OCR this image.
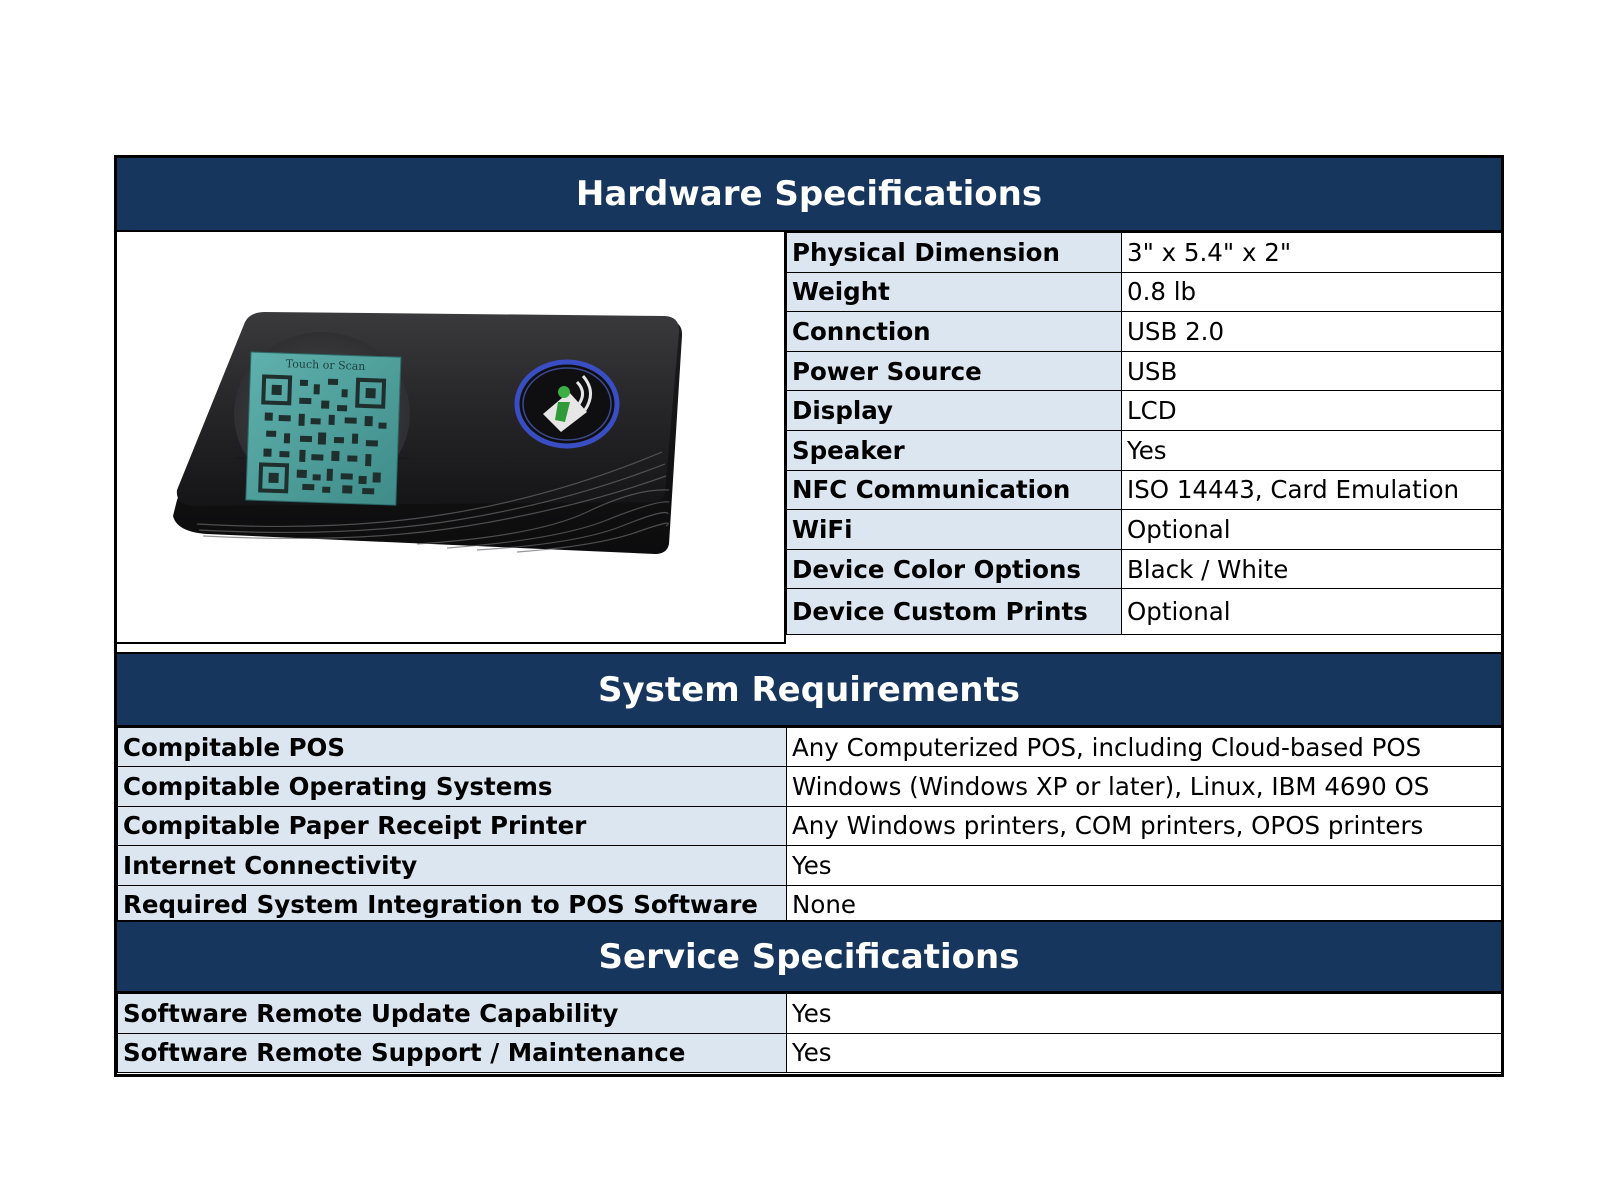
Hardware Specifications
Touch or Scan
Physical Dimension	3" x 5.4" x 2"
Weight	0.8 lb
Connction	USB 2.0
Power Source	USB
Display	LCD
Speaker	Yes
NFC Communication	ISO 14443, Card Emulation
WiFi	Optional
Device Color Options	Black / White
Device Custom Prints	Optional
System Requirements
Compitable POS	Any Computerized POS, including Cloud-based POS
Compitable Operating Systems	Windows (Windows XP or later), Linux, IBM 4690 OS
Compitable Paper Receipt Printer	Any Windows printers, COM printers, OPOS printers
Internet Connectivity	Yes
Required System Integration to POS Software	None
Service Specifications
Software Remote Update Capability	Yes
Software Remote Support / Maintenance	Yes
